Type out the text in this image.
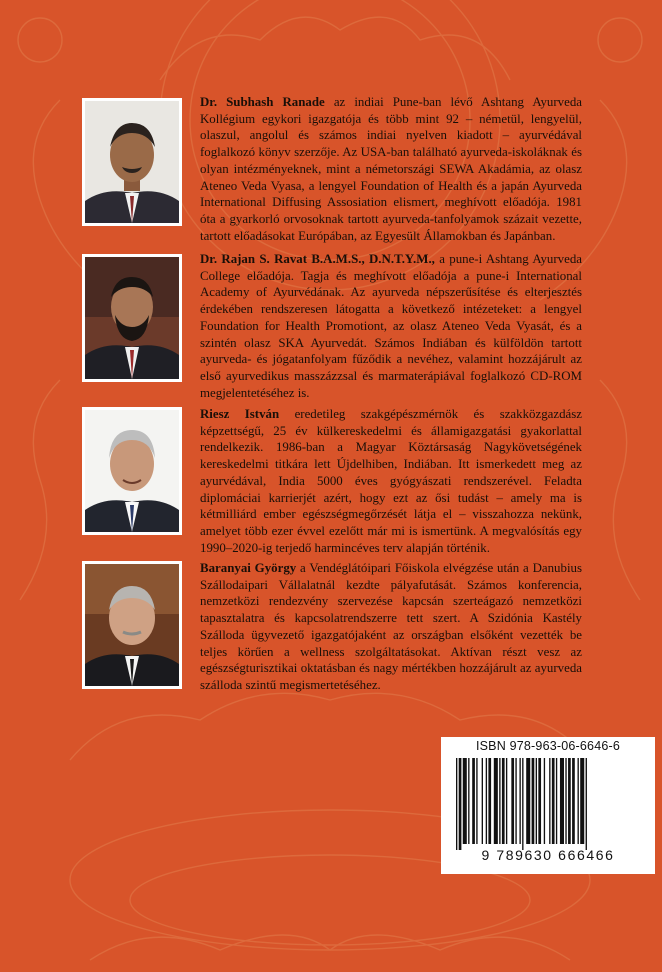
Dr. Subhash Ranade az indiai Pune-ban lévő Ashtang Ayurveda Kollégium egykori igazgatója és több mint 92 – németül, lengyelül, olaszul, angolul és számos indiai nyelven kiadott – ayurvédával foglalkozó könyv szerzője. Az USA-ban található ayurveda-iskoláknak és olyan intézményeknek, mint a németországi SEWA Akadámia, az olasz Ateneo Veda Vyasa, a lengyel Foundation of Health és a japán Ayurveda International Diffusing Assosiation elismert, meghívott előadója. 1981 óta a gyarkorló orvosoknak tartott ayurveda-tanfolyamok százait vezette, tartott előadásokat Európában, az Egyesült Államokban és Japánban.

Dr. Rajan S. Ravat B.A.M.S., D.N.T.Y.M., a pune-i Ashtang Ayurveda College előadója. Tagja és meghívott előadója a pune-i International Academy of Ayurvédának. Az ayurveda népszerűsítése és elterjesztés érdekében rendszeresen látogatta a következő intézeteket: a lengyel Foundation for Health Promotiont, az olasz Ateneo Veda Vyasát, és a szintén olasz SKA Ayurvedát. Számos Indiában és külföldön tartott ayurveda- és jógatanfolyam fűződik a nevéhez, valamint hozzájárult az első ayurvedikus masszázzsal és marmaterápiával foglalkozó CD-ROM megjelentetéséhez is.

Riesz István eredetileg szakgépészmérnök és szakközgazdász képzettségű, 25 év külkereskedelmi és államigazgatási gyakorlattal rendelkezik. 1986-ban a Magyar Köztársaság Nagykövetségének kereskedelmi titkára lett Újdelhiben, Indiában. Itt ismerkedett meg az ayurvédával, India 5000 éves gyógyászati rendszerével. Feladta diplomáciai karrierjét azért, hogy ezt az ősi tudást – amely ma is kétmilliárd ember egészségmegőrzését látja el – visszahozza nekünk, amelyet több ezer évvel ezelőtt már mi is ismertünk. A megvalósítás egy 1990–2020-ig terjedő harmincéves terv alapján történik.

Baranyai György a Vendéglátóipari Főiskola elvégzése után a Danubius Szállodaipari Vállalatnál kezdte pályafutását. Számos konferencia, nemzetközi rendezvény szervezése kapcsán szerteágazó nemzetközi tapasztalatra és kapcsolatrendszerre tett szert. A Szidónia Kastély Szálloda ügyvezető igazgatójaként az országban elsőként vezették be teljes körűen a wellness szolgáltatásokat. Aktívan részt vesz az egészségturisztikai oktatásban és nagy mértékben hozzájárult az ayurveda szálloda szintű megismertetéséhez.

ISBN 978-963-06-6646-6
9 789630 666466
